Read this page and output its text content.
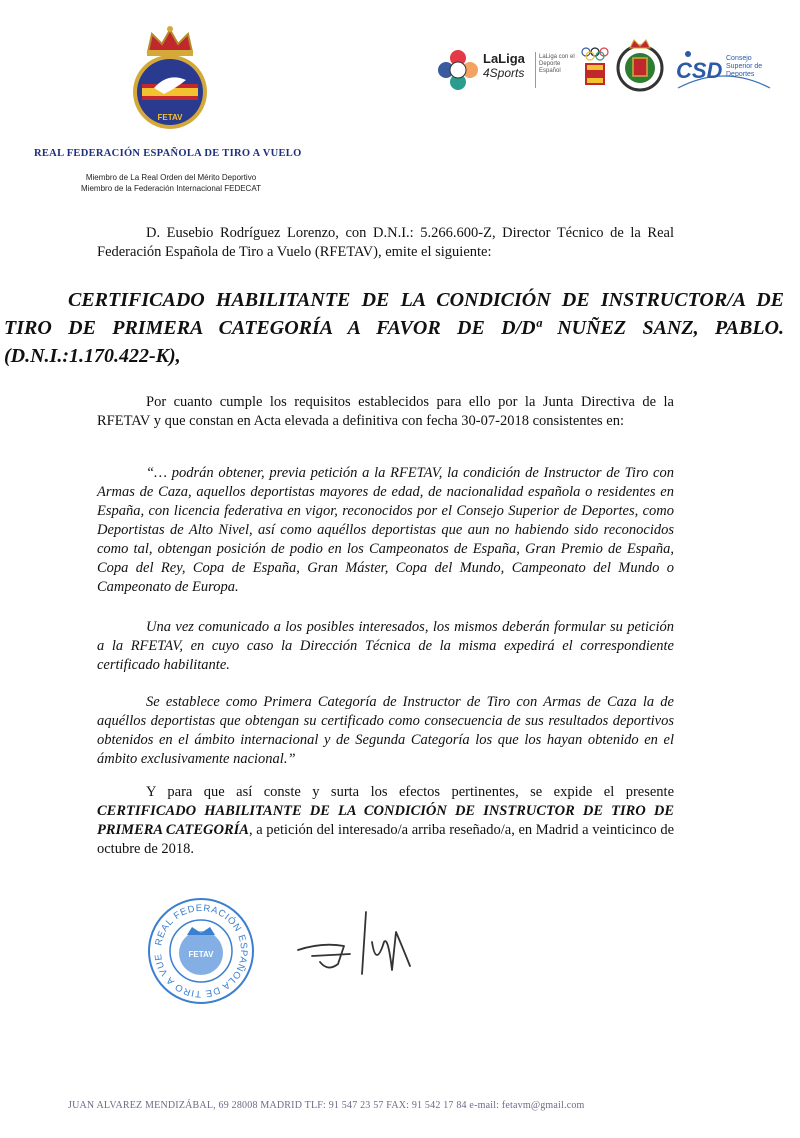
FETAV
REAL FEDERACIÓN ESPAÑOLA DE TIRO A VUELO
Miembro de La Real Orden del Mérito Deportivo
Miembro de la Federación Internacional FEDECAT
LaLiga
4Sports
LaLiga con el Deporte Español	CSD Consejo
Superior de
Deportes
D. Eusebio Rodríguez Lorenzo, con D.N.I.: 5.266.600-Z, Director Técnico de la Real Federación Española de Tiro a Vuelo (RFETAV), emite el siguiente:
CERTIFICADO HABILITANTE DE LA CONDICIÓN DE INSTRUCTOR/A DE TIRO DE PRIMERA CATEGORÍA A FAVOR DE D/Dª NUÑEZ SANZ, PABLO. (D.N.I.:1.170.422-K),
Por cuanto cumple los requisitos establecidos para ello por la Junta Directiva de la RFETAV y que constan en Acta elevada a definitiva con fecha 30-07-2018 consistentes en:
“… podrán obtener, previa petición a la RFETAV, la condición de Instructor de Tiro con Armas de Caza, aquellos deportistas mayores de edad, de nacionalidad española o residentes en España, con licencia federativa en vigor, reconocidos por el Consejo Superior de Deportes, como Deportistas de Alto Nivel, así como aquéllos deportistas que aun no habiendo sido reconocidos como tal, obtengan posición de podio en los Campeonatos de España, Gran Premio de España, Copa del Rey, Copa de España, Gran Máster, Copa del Mundo, Campeonato del Mundo o Campeonato de Europa.
Una vez comunicado a los posibles interesados, los mismos deberán formular su petición a la RFETAV, en cuyo caso la Dirección Técnica de la misma expedirá el correspondiente certificado habilitante.
Se establece como Primera Categoría de Instructor de Tiro con Armas de Caza la de aquéllos deportistas que obtengan su certificado como consecuencia de sus resultados deportivos obtenidos en el ámbito internacional y de Segunda Categoría los que los hayan obtenido en el ámbito exclusivamente nacional.”
Y para que así conste y surta los efectos pertinentes, se expide el presente CERTIFICADO HABILITANTE DE LA CONDICIÓN DE INSTRUCTOR DE TIRO DE PRIMERA CATEGORÍA, a petición del interesado/a arriba reseñado/a, en Madrid a veinticinco de octubre de 2018.
REAL FEDERACIÓN ESPAÑOLA DE TIRO A VUE	FETAV
JUAN ALVAREZ MENDIZÁBAL, 69 28008 MADRID TLF: 91 547 23 57 FAX: 91 542 17 84 e-mail: fetavm@gmail.com
